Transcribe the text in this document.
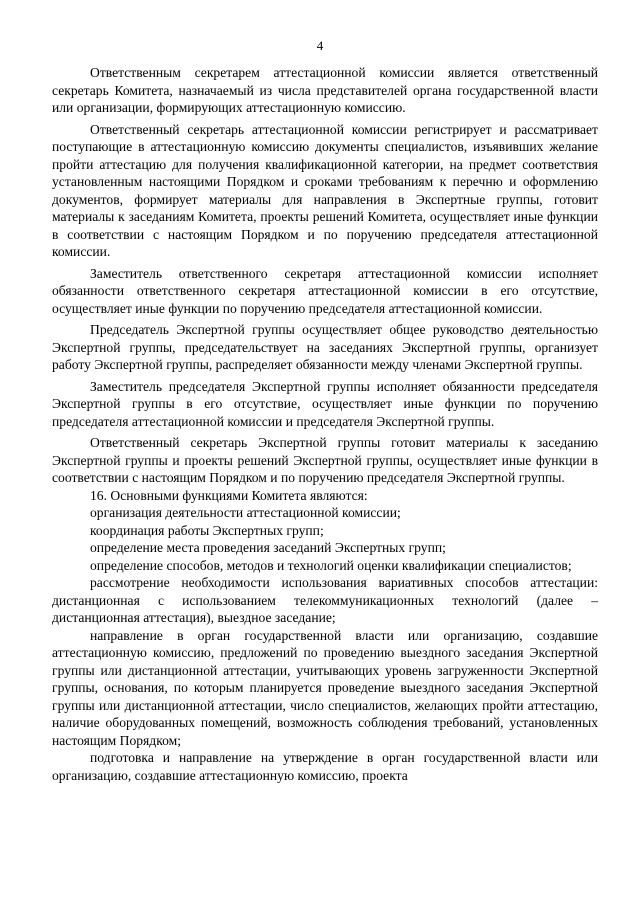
4

Ответственным секретарем аттестационной комиссии является ответственный секретарь Комитета, назначаемый из числа представителей органа государственной власти или организации, формирующих аттестационную комиссию.

Ответственный секретарь аттестационной комиссии регистрирует и рассматривает поступающие в аттестационную комиссию документы специалистов, изъявивших желание пройти аттестацию для получения квалификационной категории, на предмет соответствия установленным настоящими Порядком и сроками требованиям к перечню и оформлению документов, формирует материалы для направления в Экспертные группы, готовит материалы к заседаниям Комитета, проекты решений Комитета, осуществляет иные функции в соответствии с настоящим Порядком и по поручению председателя аттестационной комиссии.

Заместитель ответственного секретаря аттестационной комиссии исполняет обязанности ответственного секретаря аттестационной комиссии в его отсутствие, осуществляет иные функции по поручению председателя аттестационной комиссии.

Председатель Экспертной группы осуществляет общее руководство деятельностью Экспертной группы, председательствует на заседаниях Экспертной группы, организует работу Экспертной группы, распределяет обязанности между членами Экспертной группы.

Заместитель председателя Экспертной группы исполняет обязанности председателя Экспертной группы в его отсутствие, осуществляет иные функции по поручению председателя аттестационной комиссии и председателя Экспертной группы.

Ответственный секретарь Экспертной группы готовит материалы к заседанию Экспертной группы и проекты решений Экспертной группы, осуществляет иные функции в соответствии с настоящим Порядком и по поручению председателя Экспертной группы.

16. Основными функциями Комитета являются:

организация деятельности аттестационной комиссии;

координация работы Экспертных групп;

определение места проведения заседаний Экспертных групп;

определение способов, методов и технологий оценки квалификации специалистов;

рассмотрение необходимости использования вариативных способов аттестации: дистанционная с использованием телекоммуникационных технологий (далее – дистанционная аттестация), выездное заседание;

направление в орган государственной власти или организацию, создавшие аттестационную комиссию, предложений по проведению выездного заседания Экспертной группы или дистанционной аттестации, учитывающих уровень загруженности Экспертной группы, основания, по которым планируется проведение выездного заседания Экспертной группы или дистанционной аттестации, число специалистов, желающих пройти аттестацию, наличие оборудованных помещений, возможность соблюдения требований, установленных настоящим Порядком;

подготовка и направление на утверждение в орган государственной власти или организацию, создавшие аттестационную комиссию, проекта
